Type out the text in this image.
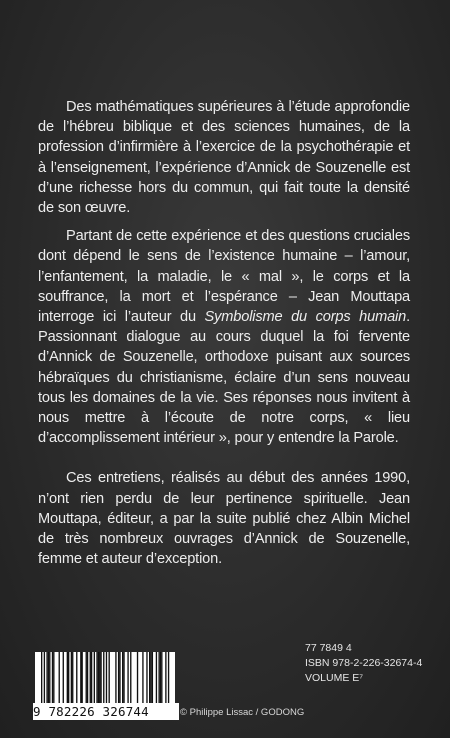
Des mathématiques supérieures à l’étude approfondie de l’hébreu biblique et des sciences humaines, de la profession d’infirmière à l’exercice de la psychothérapie et à l’enseignement, l’expérience d’Annick de Souzenelle est d’une richesse hors du commun, qui fait toute la densité de son œuvre.

Partant de cette expérience et des questions cruciales dont dépend le sens de l’existence humaine – l’amour, l’enfantement, la maladie, le « mal », le corps et la souffrance, la mort et l’espérance – Jean Mouttapa interroge ici l’auteur du Symbolisme du corps humain. Passionnant dialogue au cours duquel la foi fervente d’Annick de Souzenelle, orthodoxe puisant aux sources hébraïques du christianisme, éclaire d’un sens nouveau tous les domaines de la vie. Ses réponses nous invitent à nous mettre à l’écoute de notre corps, « lieu d’accomplissement intérieur », pour y entendre la Parole.

Ces entretiens, réalisés au début des années 1990, n’ont rien perdu de leur pertinence spirituelle. Jean Mouttapa, éditeur, a par la suite publié chez Albin Michel de très nombreux ouvrages d’Annick de Souzenelle, femme et auteur d’exception.

9 782226 326744	© Philippe Lissac / GODONG
77 7849 4
ISBN 978-2-226-32674-4
VOLUME E⁷
